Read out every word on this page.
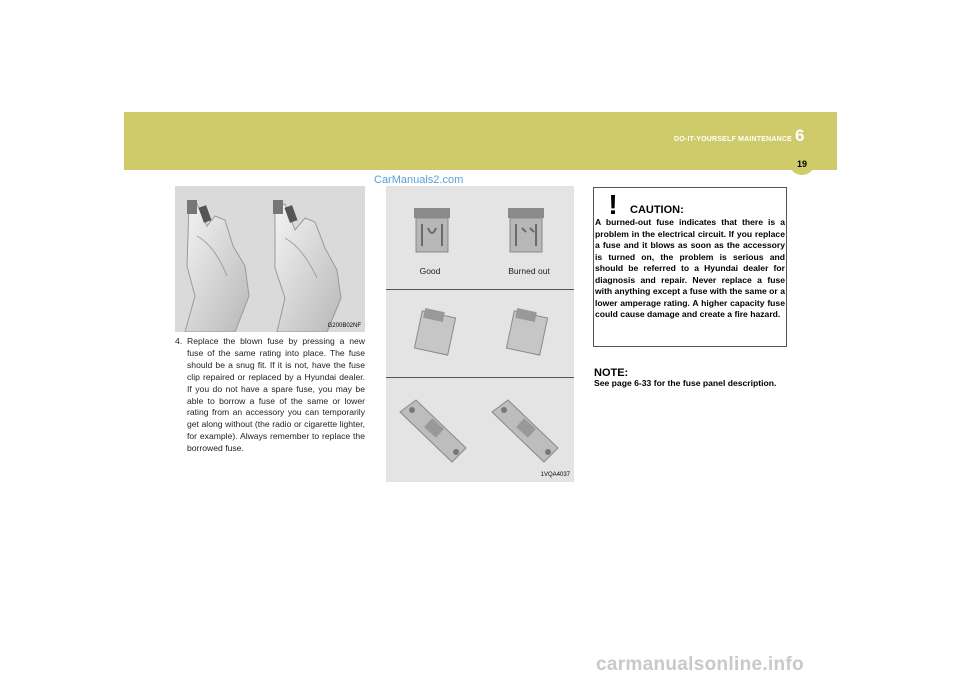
DO-IT-YOURSELF MAINTENANCE 6
19
CarManuals2.com
G200B02NF
4. Replace the blown fuse by pressing a new fuse of the same rating into place. The fuse should be a snug fit. If it is not, have the fuse clip repaired or replaced by a Hyundai dealer. If you do not have a spare fuse, you may be able to borrow a fuse of the same or lower rating from an accessory you can temporarily get along without (the radio or cigarette lighter, for example). Always remember to replace the borrowed fuse.
Good	Burned out
1VQA4037
! CAUTION:
A burned-out fuse indicates that there is a problem in the electrical circuit. If you replace a fuse and it blows as soon as the accessory is turned on, the problem is serious and should be referred to a Hyundai dealer for diagnosis and repair. Never replace a fuse with anything except a fuse with the same or a lower amperage rating. A higher capacity fuse could cause damage and create a fire hazard.
NOTE:
See page 6-33 for the fuse panel description.
carmanualsonline.info
